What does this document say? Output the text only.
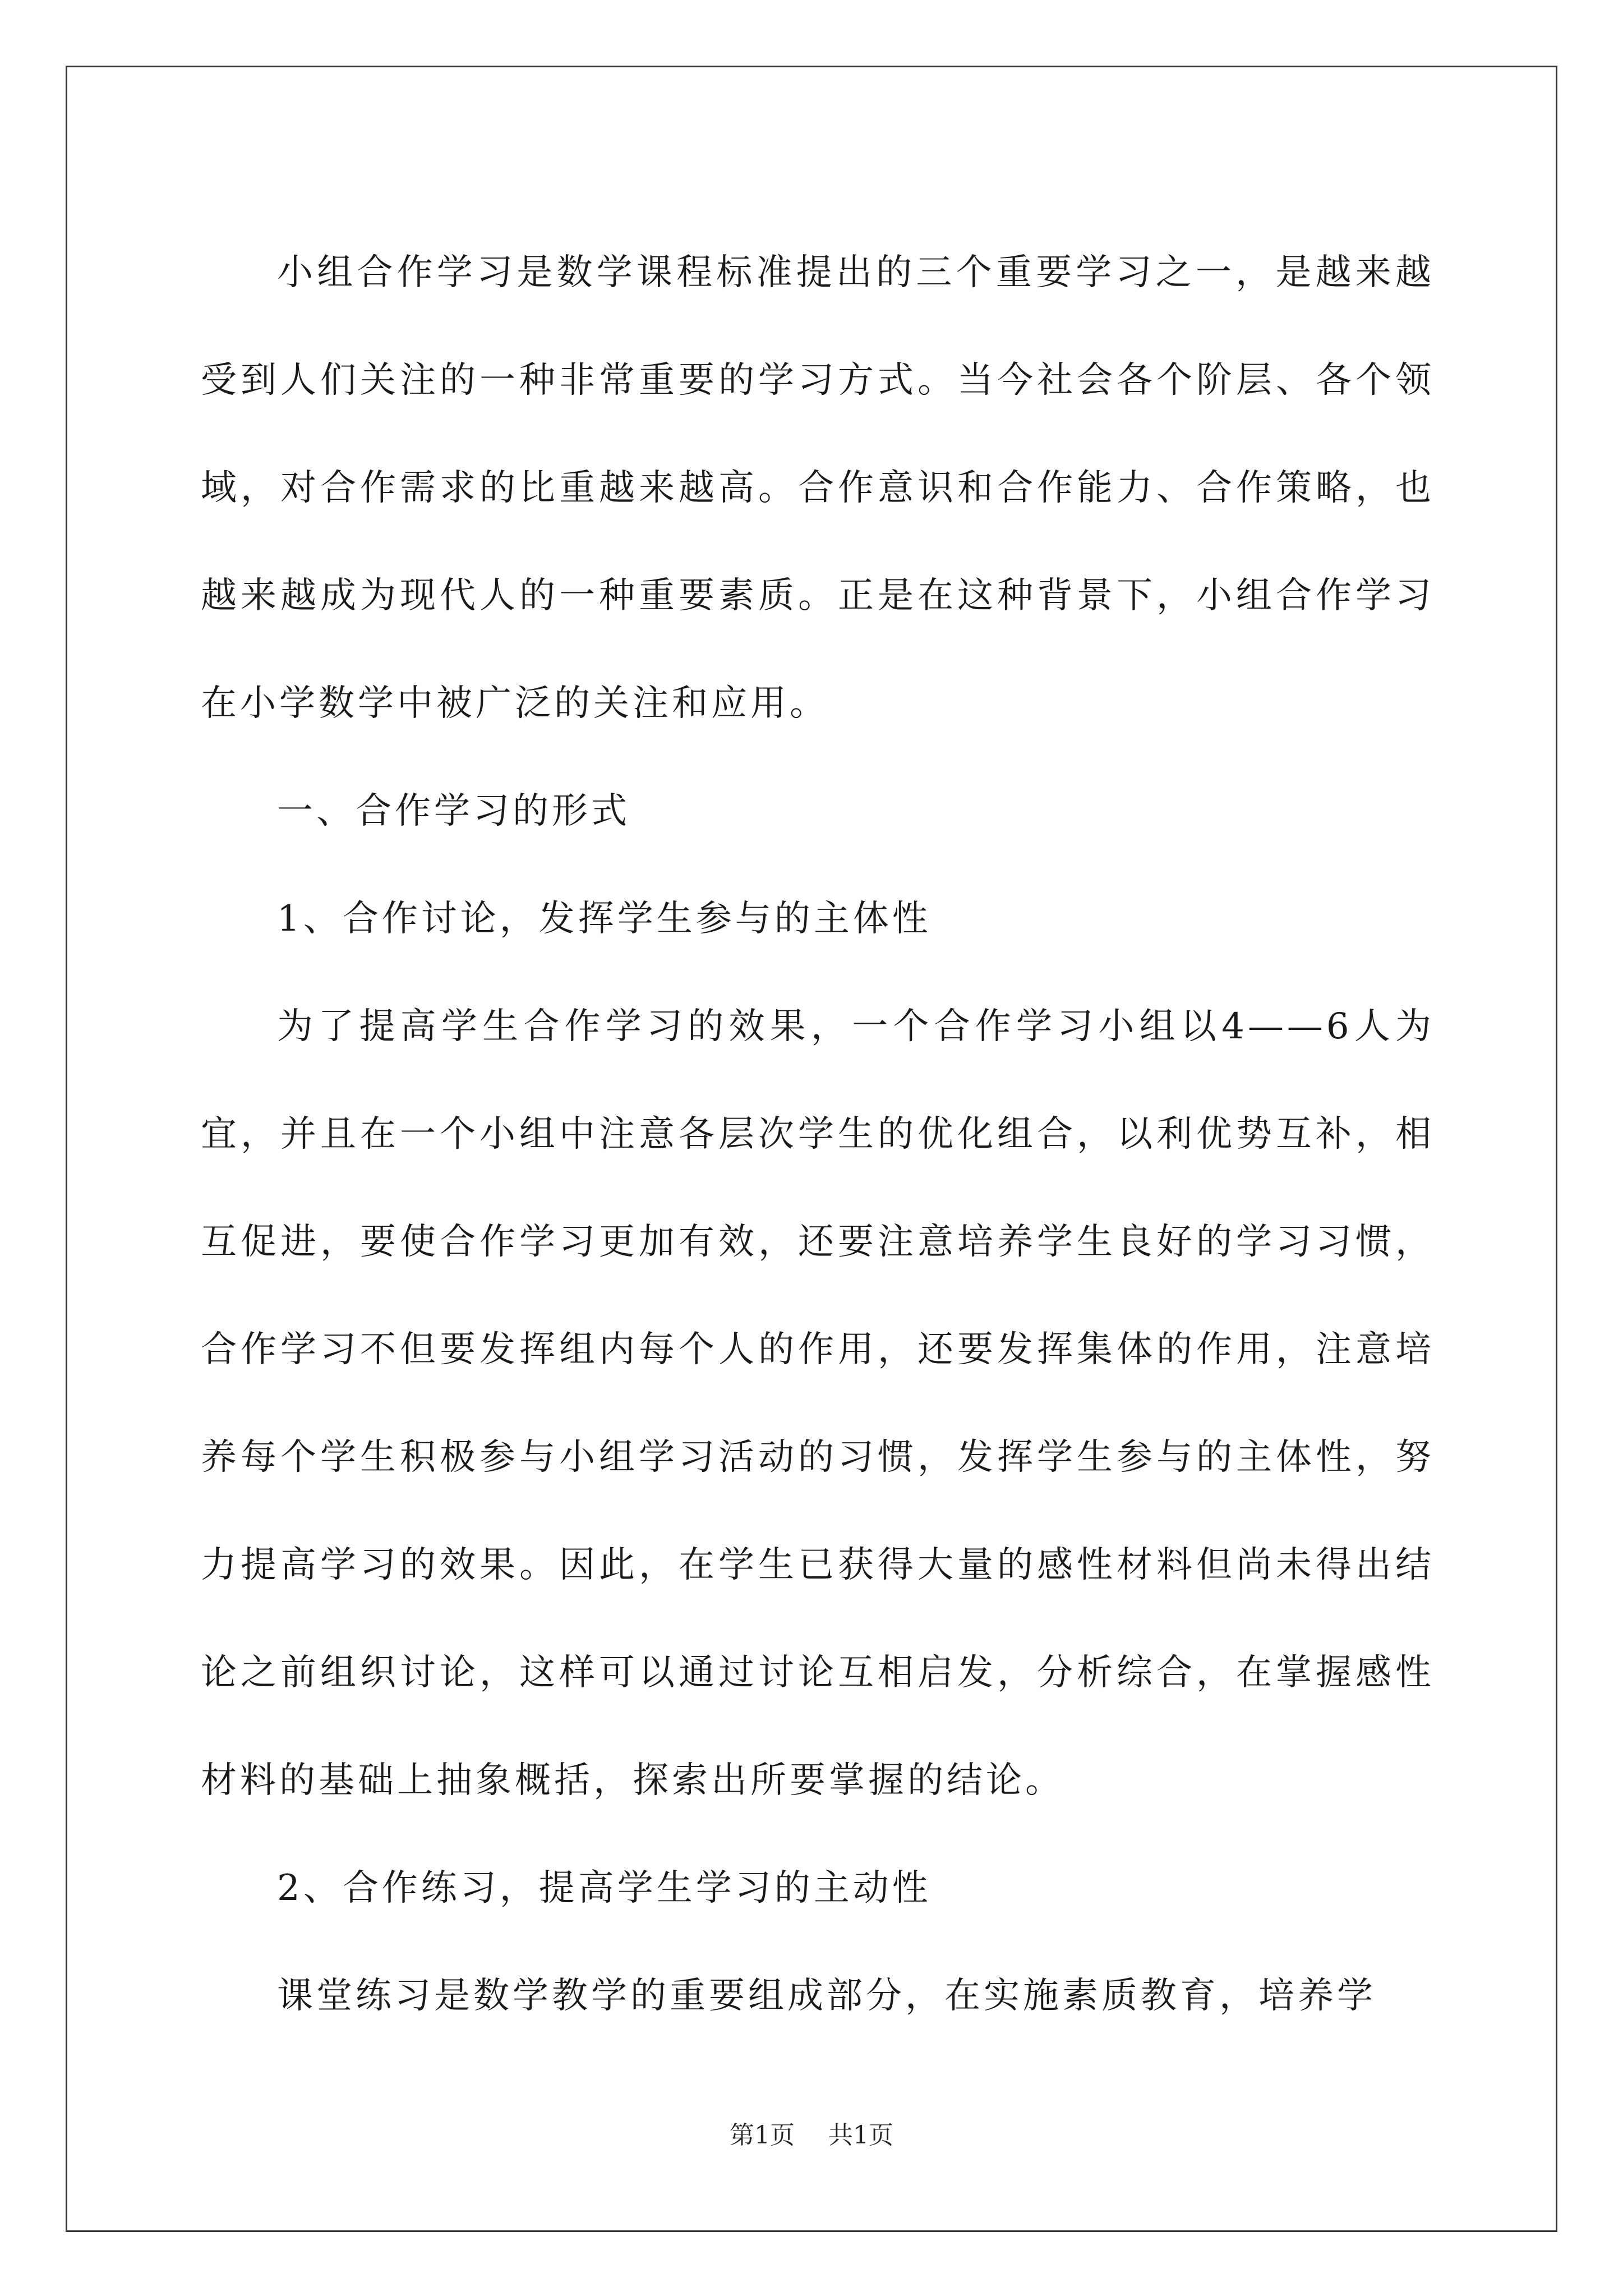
小组合作学习是数学课程标准提出的三个重要学习之一，是越来越受到人们关注的一种非常重要的学习方式。当今社会各个阶层、各个领域，对合作需求的比重越来越高。合作意识和合作能力、合作策略，也越来越成为现代人的一种重要素质。正是在这种背景下，小组合作学习在小学数学中被广泛的关注和应用。

一、合作学习的形式

1、合作讨论，发挥学生参与的主体性

为了提高学生合作学习的效果，一个合作学习小组以4——6人为宜，并且在一个小组中注意各层次学生的优化组合，以利优势互补，相互促进，要使合作学习更加有效，还要注意培养学生良好的学习习惯，合作学习不但要发挥组内每个人的作用，还要发挥集体的作用，注意培养每个学生积极参与小组学习活动的习惯，发挥学生参与的主体性，努力提高学习的效果。因此，在学生已获得大量的感性材料但尚未得出结论之前组织讨论，这样可以通过讨论互相启发，分析综合，在掌握感性材料的基础上抽象概括，探索出所要掌握的结论。

2、合作练习，提高学生学习的主动性

课堂练习是数学教学的重要组成部分，在实施素质教育，培养学

第1页 共1页
